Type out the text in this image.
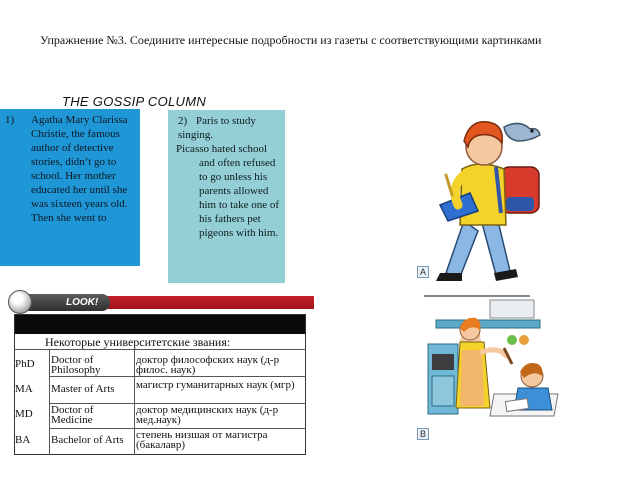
Упражнение №3. Соедините интересные подробности из газеты с соответствующими картинками
THE GOSSIP COLUMN
1) Agatha Mary Clarissa Christie, the famous author of detective stories, didn’t go to school. Her mother educated her until she was sixteen years old. Then she went to
2) Paris to study singing.
Picasso hated school and often refused to go unless his parents allowed him to take one of his fathers pet pigeons with him.
A
LOOK!
Некоторые университетские звания:
PhD Doctor of Philosophy
доктор философских наук (д-р филос. наук)
MA Master of Arts	магистр гуманитарных наук (мгр)
MD Doctor of Medicine
доктор медицинских наук (д-р мед.наук)
BA Bachelor of Arts	степень низшая от магистра (бакалавр)
B
